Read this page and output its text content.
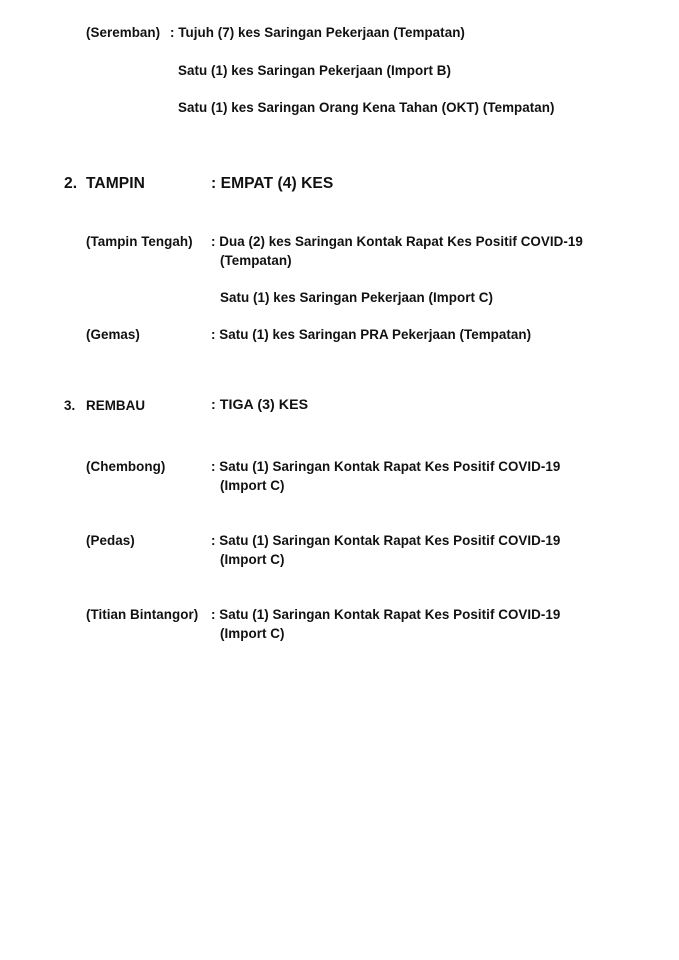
(Seremban) : Tujuh (7) kes Saringan Pekerjaan (Tempatan)
Satu (1) kes Saringan Pekerjaan (Import B)
Satu (1) kes Saringan Orang Kena Tahan (OKT) (Tempatan)
2. TAMPIN	: EMPAT (4) KES
(Tampin Tengah) : Dua (2) kes Saringan Kontak Rapat Kes Positif COVID-19
(Tempatan)
Satu (1) kes Saringan Pekerjaan (Import C)
(Gemas)	: Satu (1) kes Saringan PRA Pekerjaan (Tempatan)
3. REMBAU	: TIGA (3) KES
(Chembong)	: Satu (1) Saringan Kontak Rapat Kes Positif COVID-19
(Import C)
(Pedas)	: Satu (1) Saringan Kontak Rapat Kes Positif COVID-19
(Import C)
(Titian Bintangor) : Satu (1) Saringan Kontak Rapat Kes Positif COVID-19
(Import C)
